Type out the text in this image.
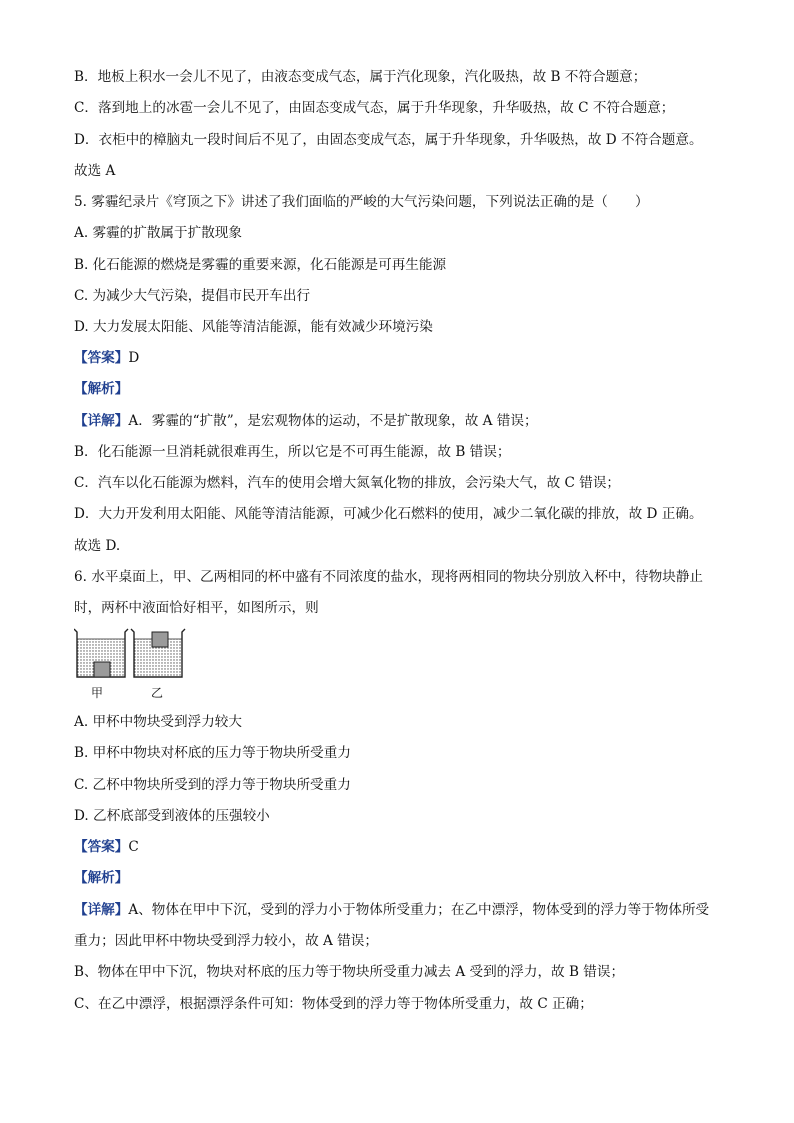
B．地板上积水一会儿不见了，由液态变成气态，属于汽化现象，汽化吸热，故 B 不符合题意；
C．落到地上的冰雹一会儿不见了，由固态变成气态，属于升华现象，升华吸热，故 C 不符合题意；
D．衣柜中的樟脑丸一段时间后不见了，由固态变成气态，属于升华现象，升华吸热，故 D 不符合题意。
故选 A
5. 雾霾纪录片《穹顶之下》讲述了我们面临的严峻的大气污染问题，下列说法正确的是（　　）
A. 雾霾的扩散属于扩散现象
B. 化石能源的燃烧是雾霾的重要来源，化石能源是可再生能源
C. 为减少大气污染，提倡市民开车出行
D. 大力发展太阳能、风能等清洁能源，能有效减少环境污染
【答案】D
【解析】
【详解】A．雾霾的“扩散”，是宏观物体的运动，不是扩散现象，故 A 错误；
B．化石能源一旦消耗就很难再生，所以它是不可再生能源，故 B 错误；
C．汽车以化石能源为燃料，汽车的使用会增大氮氧化物的排放，会污染大气，故 C 错误；
D．大力开发利用太阳能、风能等清洁能源，可减少化石燃料的使用，减少二氧化碳的排放，故 D 正确。
故选 D.
6. 水平桌面上，甲、乙两相同的杯中盛有不同浓度的盐水，现将两相同的物块分别放入杯中，待物块静止
时，两杯中液面恰好相平，如图所示，则
甲	乙
A. 甲杯中物块受到浮力较大
B. 甲杯中物块对杯底的压力等于物块所受重力
C. 乙杯中物块所受到的浮力等于物块所受重力
D. 乙杯底部受到液体的压强较小
【答案】C
【解析】
【详解】A、物体在甲中下沉，受到的浮力小于物体所受重力；在乙中漂浮，物体受到的浮力等于物体所受
重力；因此甲杯中物块受到浮力较小，故 A 错误；
B、物体在甲中下沉，物块对杯底的压力等于物块所受重力减去 A 受到的浮力，故 B 错误；
C、在乙中漂浮，根据漂浮条件可知：物体受到的浮力等于物体所受重力，故 C 正确；
